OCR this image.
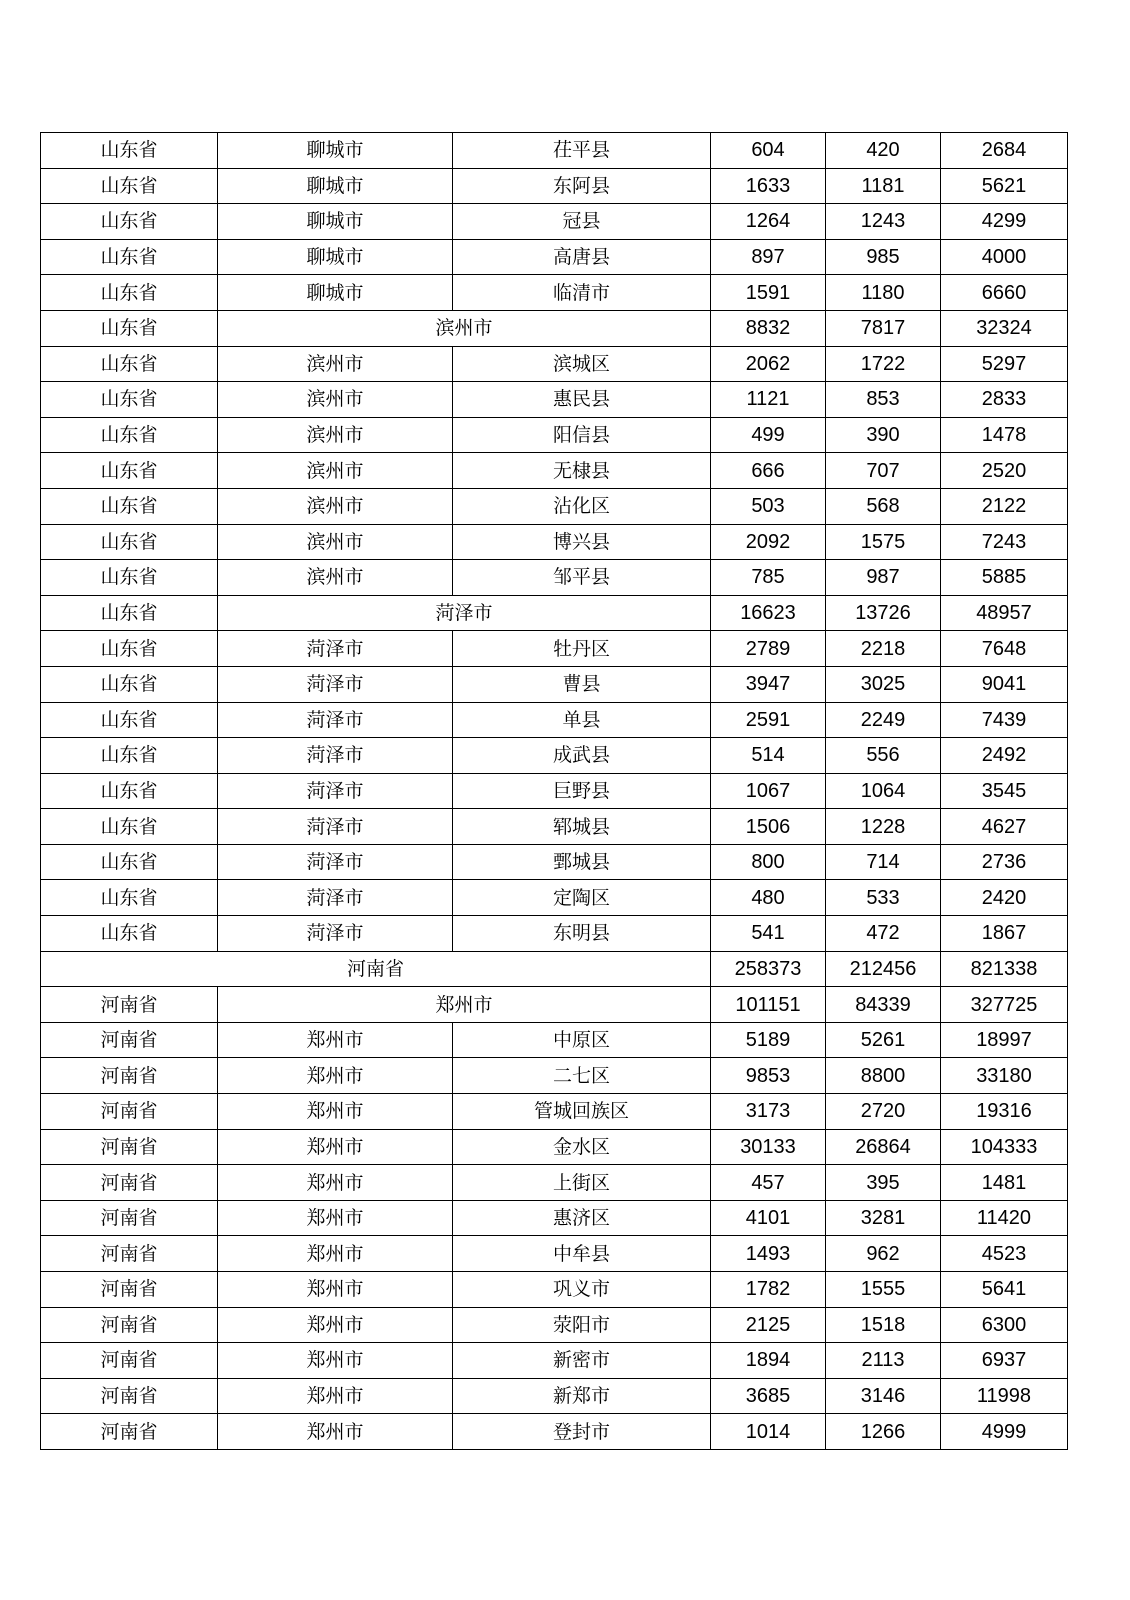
山东省	聊城市	茌平县	604	420	2684
山东省	聊城市	东阿县	1633	1181	5621
山东省	聊城市	冠县	1264	1243	4299
山东省	聊城市	高唐县	897	985	4000
山东省	聊城市	临清市	1591	1180	6660
山东省	滨州市		8832	7817	32324
山东省	滨州市	滨城区	2062	1722	5297
山东省	滨州市	惠民县	1121	853	2833
山东省	滨州市	阳信县	499	390	1478
山东省	滨州市	无棣县	666	707	2520
山东省	滨州市	沾化区	503	568	2122
山东省	滨州市	博兴县	2092	1575	7243
山东省	滨州市	邹平县	785	987	5885
山东省	菏泽市		16623	13726	48957
山东省	菏泽市	牡丹区	2789	2218	7648
山东省	菏泽市	曹县	3947	3025	9041
山东省	菏泽市	单县	2591	2249	7439
山东省	菏泽市	成武县	514	556	2492
山东省	菏泽市	巨野县	1067	1064	3545
山东省	菏泽市	郓城县	1506	1228	4627
山东省	菏泽市	鄄城县	800	714	2736
山东省	菏泽市	定陶区	480	533	2420
山东省	菏泽市	东明县	541	472	1867
河南省			258373	212456	821338
河南省	郑州市		101151	84339	327725
河南省	郑州市	中原区	5189	5261	18997
河南省	郑州市	二七区	9853	8800	33180
河南省	郑州市	管城回族区	3173	2720	19316
河南省	郑州市	金水区	30133	26864	104333
河南省	郑州市	上街区	457	395	1481
河南省	郑州市	惠济区	4101	3281	11420
河南省	郑州市	中牟县	1493	962	4523
河南省	郑州市	巩义市	1782	1555	5641
河南省	郑州市	荥阳市	2125	1518	6300
河南省	郑州市	新密市	1894	2113	6937
河南省	郑州市	新郑市	3685	3146	11998
河南省	郑州市	登封市	1014	1266	4999
